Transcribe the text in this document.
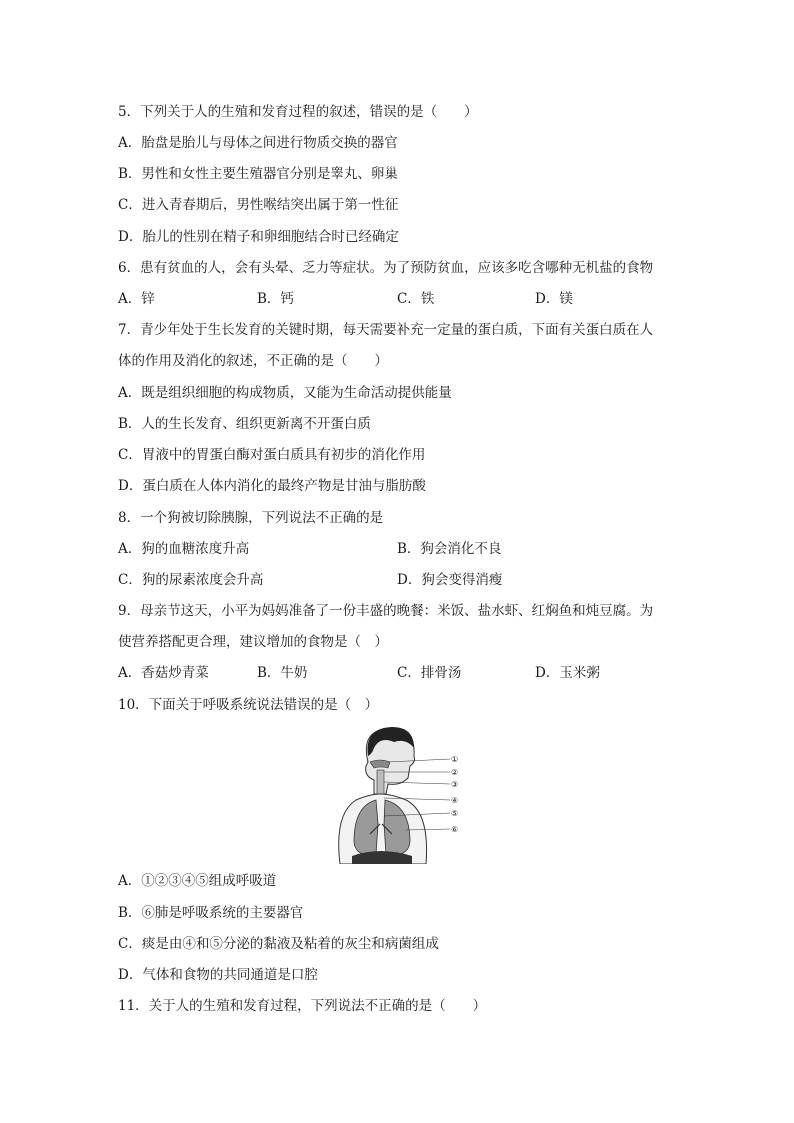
5．下列关于人的生殖和发育过程的叙述，错误的是（　　）
A．胎盘是胎儿与母体之间进行物质交换的器官
B．男性和女性主要生殖器官分别是睾丸、卵巢
C．进入青春期后，男性喉结突出属于第一性征
D．胎儿的性别在精子和卵细胞结合时已经确定
6．患有贫血的人，会有头晕、乏力等症状。为了预防贫血，应该多吃含哪种无机盐的食物
A．锌	B．钙	C．铁	D．镁
7．青少年处于生长发育的关键时期，每天需要补充一定量的蛋白质，下面有关蛋白质在人
体的作用及消化的叙述，不正确的是（　　）
A．既是组织细胞的构成物质，又能为生命活动提供能量
B．人的生长发育、组织更新离不开蛋白质
C．胃液中的胃蛋白酶对蛋白质具有初步的消化作用
D．蛋白质在人体内消化的最终产物是甘油与脂肪酸
8．一个狗被切除胰腺，下列说法不正确的是
A．狗的血糖浓度升高	B．狗会消化不良
C．狗的尿素浓度会升高	D．狗会变得消瘦
9．母亲节这天，小平为妈妈准备了一份丰盛的晚餐：米饭、盐水虾、红焖鱼和炖豆腐。为
使营养搭配更合理，建议增加的食物是（　）
A．香菇炒青菜	B．牛奶	C．排骨汤	D．玉米粥
10．下面关于呼吸系统说法错误的是（　）
①
②
③
④
⑤
⑥
A．①②③④⑤组成呼吸道
B．⑥肺是呼吸系统的主要器官
C．痰是由④和⑤分泌的黏液及粘着的灰尘和病菌组成
D．气体和食物的共同通道是口腔
11．关于人的生殖和发育过程，下列说法不正确的是（　　）
